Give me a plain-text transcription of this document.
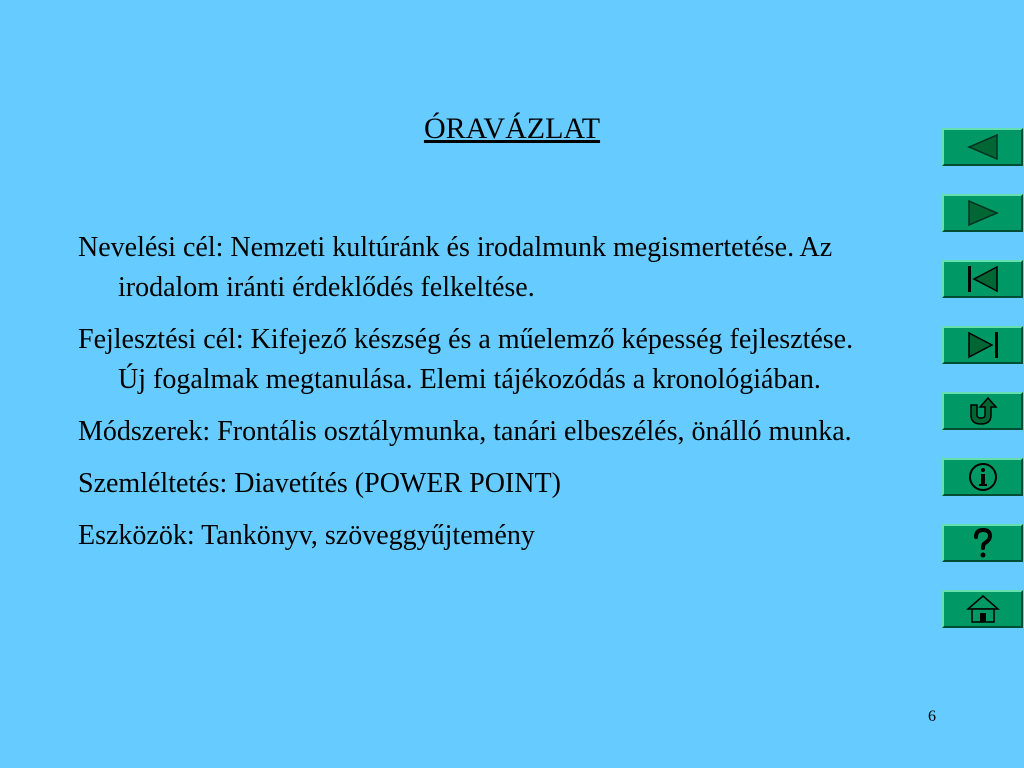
ÓRAVÁZLAT

Nevelési cél: Nemzeti kultúránk és irodalmunk megismertetése. Az irodalom iránti érdeklődés felkeltése.

Fejlesztési cél: Kifejező készség és a műelemző képesség fejlesztése. Új fogalmak megtanulása. Elemi tájékozódás a kronológiában.

Módszerek: Frontális osztálymunka, tanári elbeszélés, önálló munka.

Szemléltetés: Diavetítés (POWER POINT)

Eszközök: Tankönyv, szöveggyűjtemény

6
